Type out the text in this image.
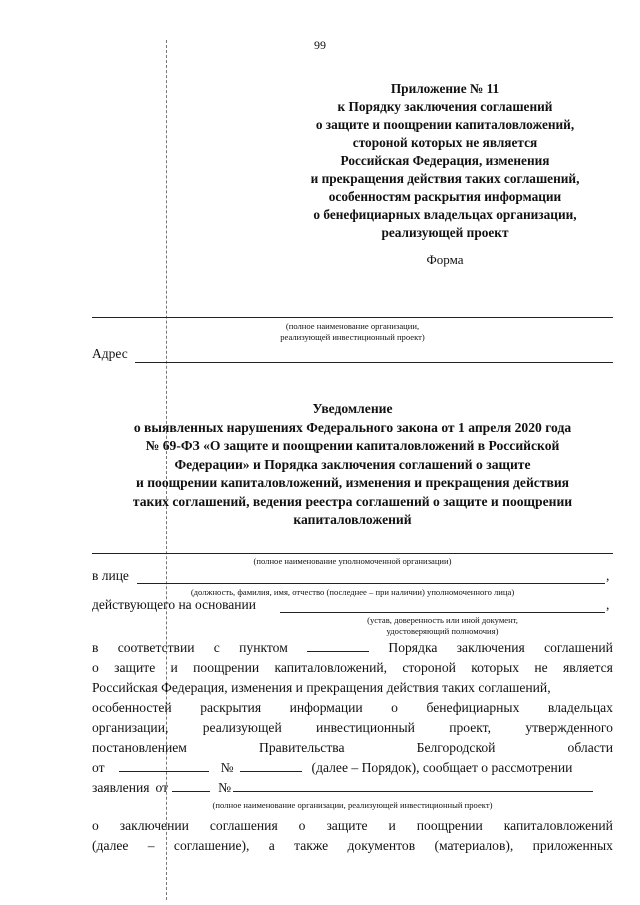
99
Приложение № 11
к Порядку заключения соглашений
о защите и поощрении капиталовложений,
стороной которых не является
Российская Федерация, изменения
и прекращения действия таких соглашений,
особенностям раскрытия информации
о бенефициарных владельцах организации,
реализующей проект
Форма
(полное наименование организации,
реализующей инвестиционный проект)
Адрес
Уведомление
о выявленных нарушениях Федерального закона от 1 апреля 2020 года
№ 69-ФЗ «О защите и поощрении капиталовложений в Российской
Федерации» и Порядка заключения соглашений о защите
и поощрении капиталовложений, изменения и прекращения действия
таких соглашений, ведения реестра соглашений о защите и поощрении
капиталовложений
(полное наименование уполномоченной организации)
в лице	,
(должность, фамилия, имя, отчество (последнее – при наличии) уполномоченного лица)
действующего на основании	,
(устав, доверенность или иной документ,
удостоверяющий полномочия)
в соответствии с пунктом	Порядка заключения соглашений
о защите и поощрении капиталовложений, стороной которых не является
Российская Федерация, изменения и прекращения действия таких соглашений,
особенностей раскрытия информации о бенефициарных владельцах
организации,	реализующей	инвестиционный	проект,	утвержденного
постановлением	Правительства	Белгородской	области
от	№	(далее – Порядок), сообщает о рассмотрении
заявления от	№
(полное наименование организации, реализующей инвестиционный проект)
о заключении соглашения о защите и поощрении капиталовложений
(далее – соглашение), а также документов (материалов), приложенных
